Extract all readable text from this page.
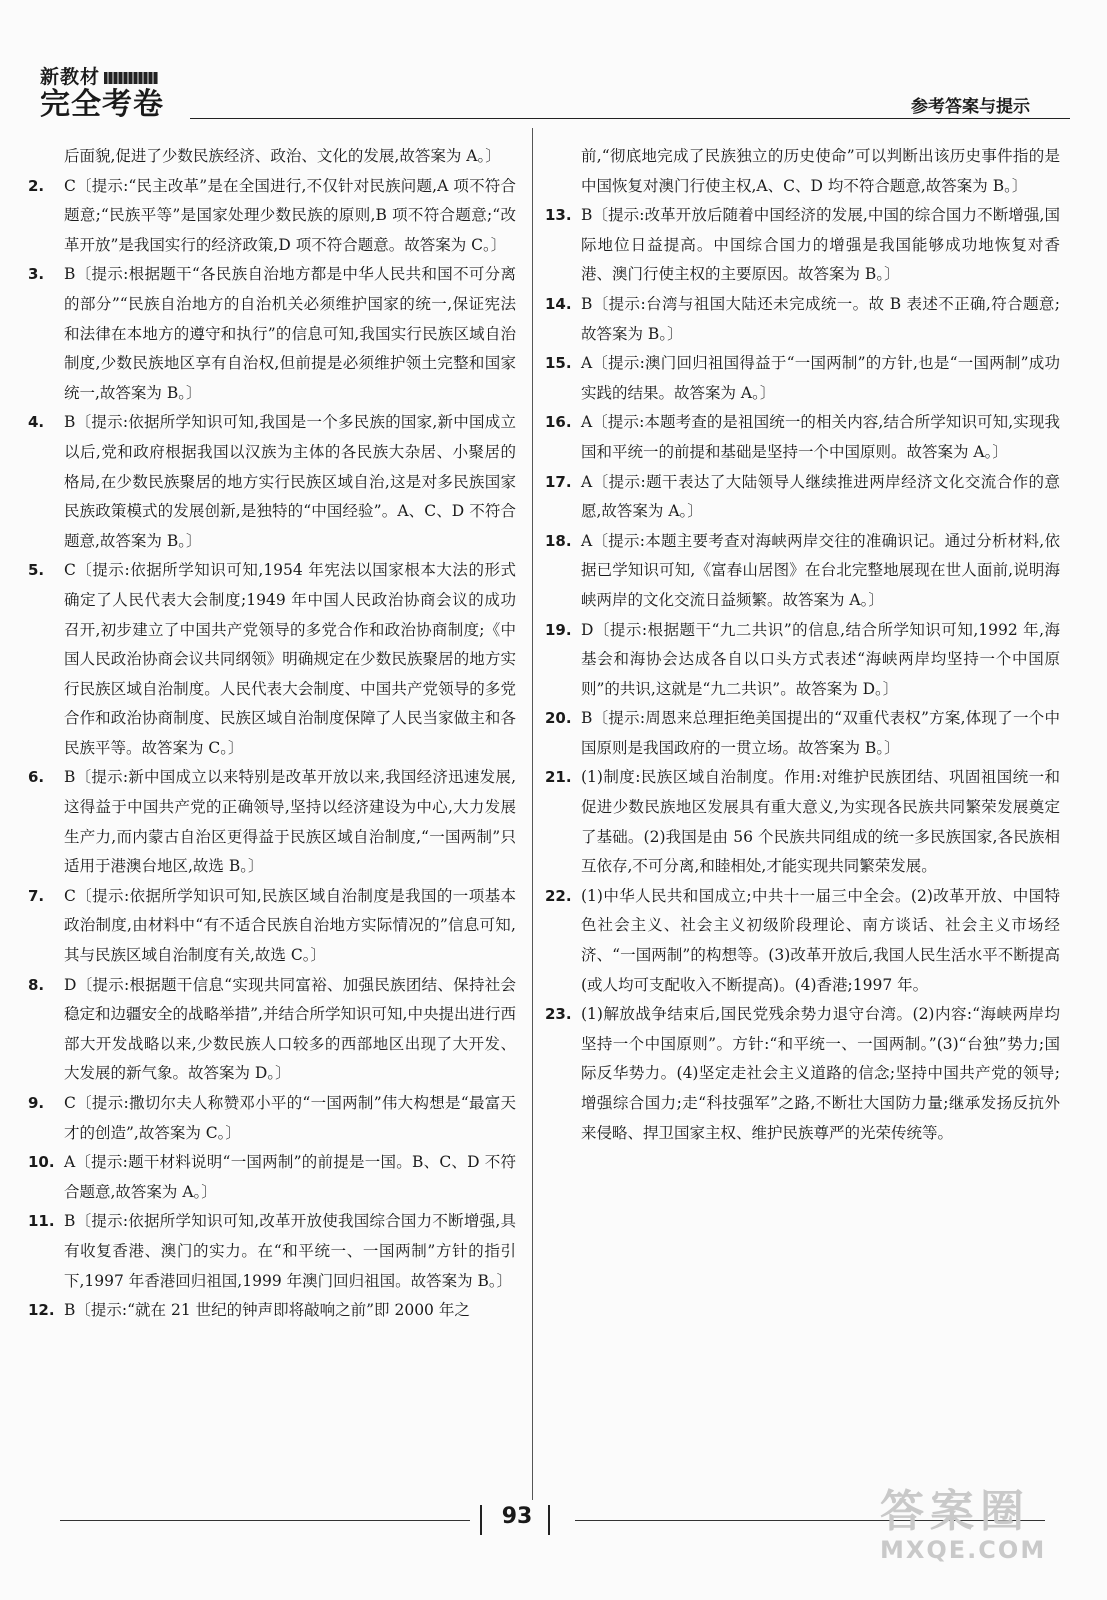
新教材
完全考卷	参考答案与提示
后面貌,促进了少数民族经济、政治、文化的发展,故答案为 A。〕
2. C〔提示:“民主改革”是在全国进行,不仅针对民族问题,A 项不符合题意;“民族平等”是国家处理少数民族的原则,B 项不符合题意;“改革开放”是我国实行的经济政策,D 项不符合题意。故答案为 C。〕
3. B〔提示:根据题干“各民族自治地方都是中华人民共和国不可分离的部分”“民族自治地方的自治机关必须维护国家的统一,保证宪法和法律在本地方的遵守和执行”的信息可知,我国实行民族区域自治制度,少数民族地区享有自治权,但前提是必须维护领土完整和国家统一,故答案为 B。〕
4. B〔提示:依据所学知识可知,我国是一个多民族的国家,新中国成立以后,党和政府根据我国以汉族为主体的各民族大杂居、小聚居的格局,在少数民族聚居的地方实行民族区域自治,这是对多民族国家民族政策模式的发展创新,是独特的“中国经验”。A、C、D 不符合题意,故答案为 B。〕
5. C〔提示:依据所学知识可知,1954 年宪法以国家根本大法的形式确定了人民代表大会制度;1949 年中国人民政治协商会议的成功召开,初步建立了中国共产党领导的多党合作和政治协商制度;《中国人民政治协商会议共同纲领》明确规定在少数民族聚居的地方实行民族区域自治制度。人民代表大会制度、中国共产党领导的多党合作和政治协商制度、民族区域自治制度保障了人民当家做主和各民族平等。故答案为 C。〕
6. B〔提示:新中国成立以来特别是改革开放以来,我国经济迅速发展,这得益于中国共产党的正确领导,坚持以经济建设为中心,大力发展生产力,而内蒙古自治区更得益于民族区域自治制度,“一国两制”只适用于港澳台地区,故选 B。〕
7. C〔提示:依据所学知识可知,民族区域自治制度是我国的一项基本政治制度,由材料中“有不适合民族自治地方实际情况的”信息可知,其与民族区域自治制度有关,故选 C。〕
8. D〔提示:根据题干信息“实现共同富裕、加强民族团结、保持社会稳定和边疆安全的战略举措”,并结合所学知识可知,中央提出进行西部大开发战略以来,少数民族人口较多的西部地区出现了大开发、大发展的新气象。故答案为 D。〕
9. C〔提示:撒切尔夫人称赞邓小平的“一国两制”伟大构想是“最富天才的创造”,故答案为 C。〕
10. A〔提示:题干材料说明“一国两制”的前提是一国。B、C、D 不符合题意,故答案为 A。〕
11. B〔提示:依据所学知识可知,改革开放使我国综合国力不断增强,具有收复香港、澳门的实力。在“和平统一、一国两制”方针的指引下,1997 年香港回归祖国,1999 年澳门回归祖国。故答案为 B。〕
12. B〔提示:“就在 21 世纪的钟声即将敲响之前”即 2000 年之
前,“彻底地完成了民族独立的历史使命”可以判断出该历史事件指的是中国恢复对澳门行使主权,A、C、D 均不符合题意,故答案为 B。〕
13. B〔提示:改革开放后随着中国经济的发展,中国的综合国力不断增强,国际地位日益提高。中国综合国力的增强是我国能够成功地恢复对香港、澳门行使主权的主要原因。故答案为 B。〕
14. B〔提示:台湾与祖国大陆还未完成统一。故 B 表述不正确,符合题意;故答案为 B。〕
15. A〔提示:澳门回归祖国得益于“一国两制”的方针,也是“一国两制”成功实践的结果。故答案为 A。〕
16. A〔提示:本题考查的是祖国统一的相关内容,结合所学知识可知,实现我国和平统一的前提和基础是坚持一个中国原则。故答案为 A。〕
17. A〔提示:题干表达了大陆领导人继续推进两岸经济文化交流合作的意愿,故答案为 A。〕
18. A〔提示:本题主要考查对海峡两岸交往的准确识记。通过分析材料,依据已学知识可知,《富春山居图》在台北完整地展现在世人面前,说明海峡两岸的文化交流日益频繁。故答案为 A。〕
19. D〔提示:根据题干“九二共识”的信息,结合所学知识可知,1992 年,海基会和海协会达成各自以口头方式表述“海峡两岸均坚持一个中国原则”的共识,这就是“九二共识”。故答案为 D。〕
20. B〔提示:周恩来总理拒绝美国提出的“双重代表权”方案,体现了一个中国原则是我国政府的一贯立场。故答案为 B。〕
21. (1)制度:民族区域自治制度。作用:对维护民族团结、巩固祖国统一和促进少数民族地区发展具有重大意义,为实现各民族共同繁荣发展奠定了基础。(2)我国是由 56 个民族共同组成的统一多民族国家,各民族相互依存,不可分离,和睦相处,才能实现共同繁荣发展。
22. (1)中华人民共和国成立;中共十一届三中全会。(2)改革开放、中国特色社会主义、社会主义初级阶段理论、南方谈话、社会主义市场经济、“一国两制”的构想等。(3)改革开放后,我国人民生活水平不断提高(或人均可支配收入不断提高)。(4)香港;1997 年。
23. (1)解放战争结束后,国民党残余势力退守台湾。(2)内容:“海峡两岸均坚持一个中国原则”。方针:“和平统一、一国两制。”(3)“台独”势力;国际反华势力。(4)坚定走社会主义道路的信念;坚持中国共产党的领导;增强综合国力;走“科技强军”之路,不断壮大国防力量;继承发扬反抗外来侵略、捍卫国家主权、维护民族尊严的光荣传统等。
93	答案圈
MXQE.COM
